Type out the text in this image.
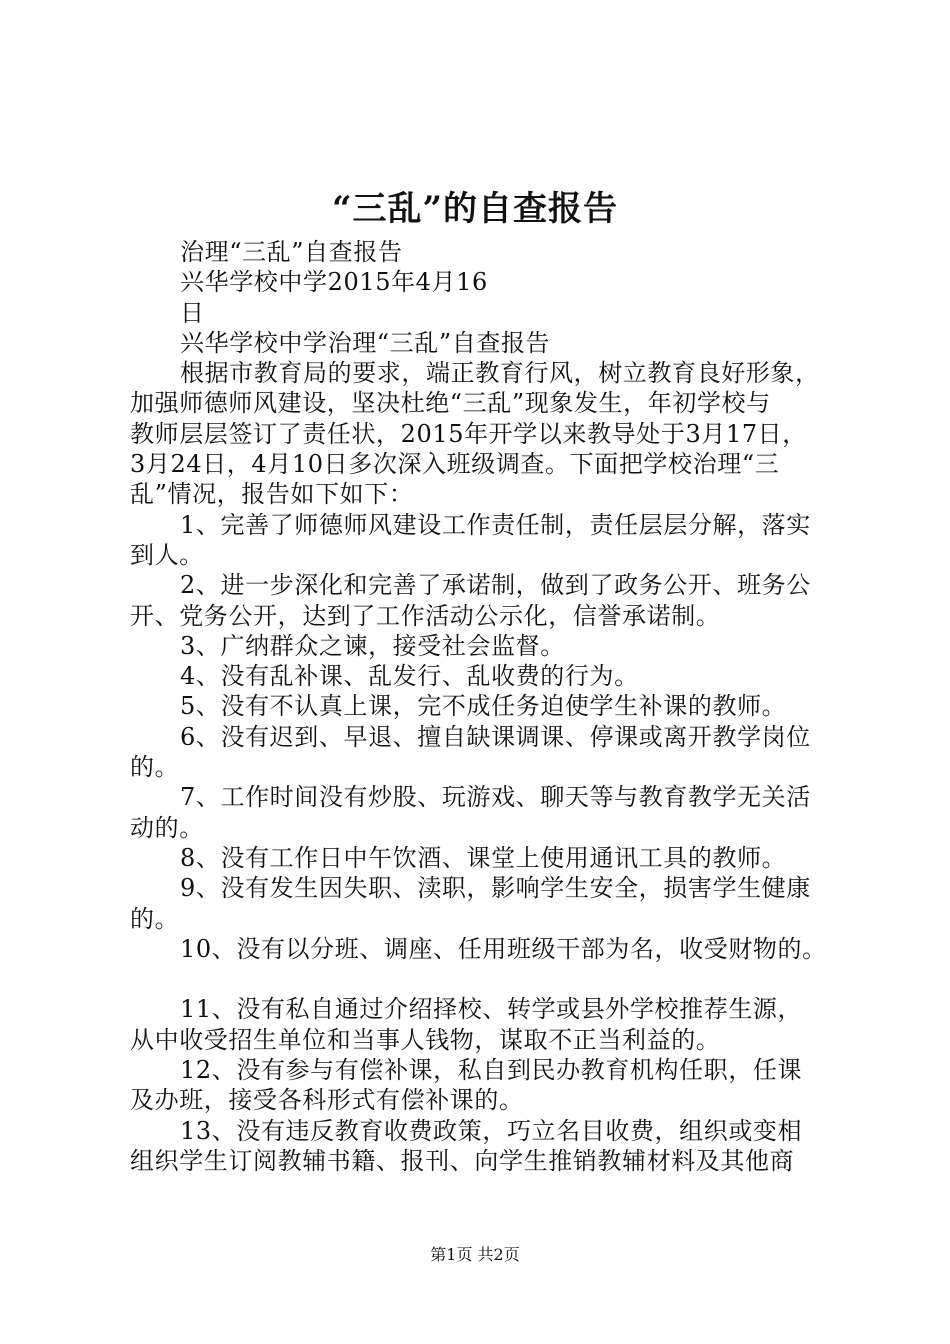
“三乱”的自查报告
治理“三乱”自查报告
兴华学校中学2015年4月16
日
兴华学校中学治理“三乱”自查报告
根据市教育局的要求，端正教育行风，树立教育良好形象，
加强师德师风建设，坚决杜绝“三乱”现象发生，年初学校与
教师层层签订了责任状，2015年开学以来教导处于3月17日，
3月24日，4月10日多次深入班级调查。下面把学校治理“三
乱”情况，报告如下如下：
1、完善了师德师风建设工作责任制，责任层层分解，落实
到人。
2、进一步深化和完善了承诺制，做到了政务公开、班务公
开、党务公开，达到了工作活动公示化，信誉承诺制。
3、广纳群众之谏，接受社会监督。
4、没有乱补课、乱发行、乱收费的行为。
5、没有不认真上课，完不成任务迫使学生补课的教师。
6、没有迟到、早退、擅自缺课调课、停课或离开教学岗位
的。
7、工作时间没有炒股、玩游戏、聊天等与教育教学无关活
动的。
8、没有工作日中午饮酒、课堂上使用通讯工具的教师。
9、没有发生因失职、渎职，影响学生安全，损害学生健康
的。
10、没有以分班、调座、任用班级干部为名，收受财物的。
11、没有私自通过介绍择校、转学或县外学校推荐生源，
从中收受招生单位和当事人钱物，谋取不正当利益的。
12、没有参与有偿补课，私自到民办教育机构任职，任课
及办班，接受各科形式有偿补课的。
13、没有违反教育收费政策，巧立名目收费，组织或变相
组织学生订阅教辅书籍、报刊、向学生推销教辅材料及其他商
第1页 共2页
